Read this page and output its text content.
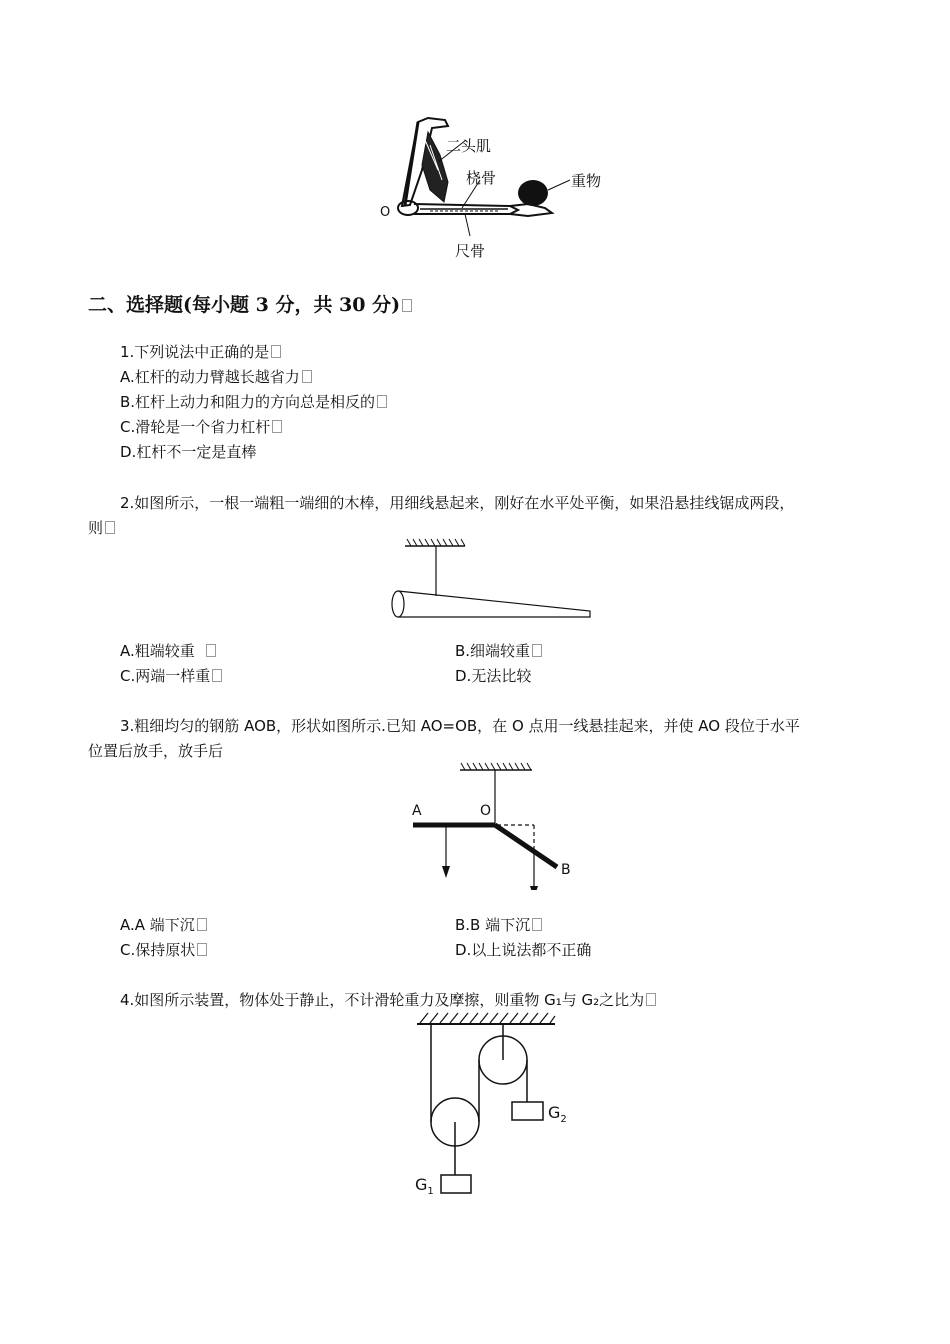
二头肌
桡骨	重物
尺骨
O
二、选择题(每小题 3 分，共 30 分)
1.下列说法中正确的是
A.杠杆的动力臂越长越省力
B.杠杆上动力和阻力的方向总是相反的
C.滑轮是一个省力杠杆
D.杠杆不一定是直棒
2.如图所示，一根一端粗一端细的木棒，用细线悬起来，刚好在水平处平衡，如果沿悬挂线锯成两段，
则
A.粗端较重	B.细端较重
C.两端一样重	D.无法比较
3.粗细均匀的钢筋 AOB，形状如图所示.已知 AO=OB，在 O 点用一线悬挂起来，并使 AO 段位于水平
位置后放手，放手后
A	O
B
A.A 端下沉	B.B 端下沉
C.保持原状	D.以上说法都不正确
4.如图所示装置，物体处于静止，不计滑轮重力及摩擦，则重物 G₁与 G₂之比为
$G_2$
$G_1$
